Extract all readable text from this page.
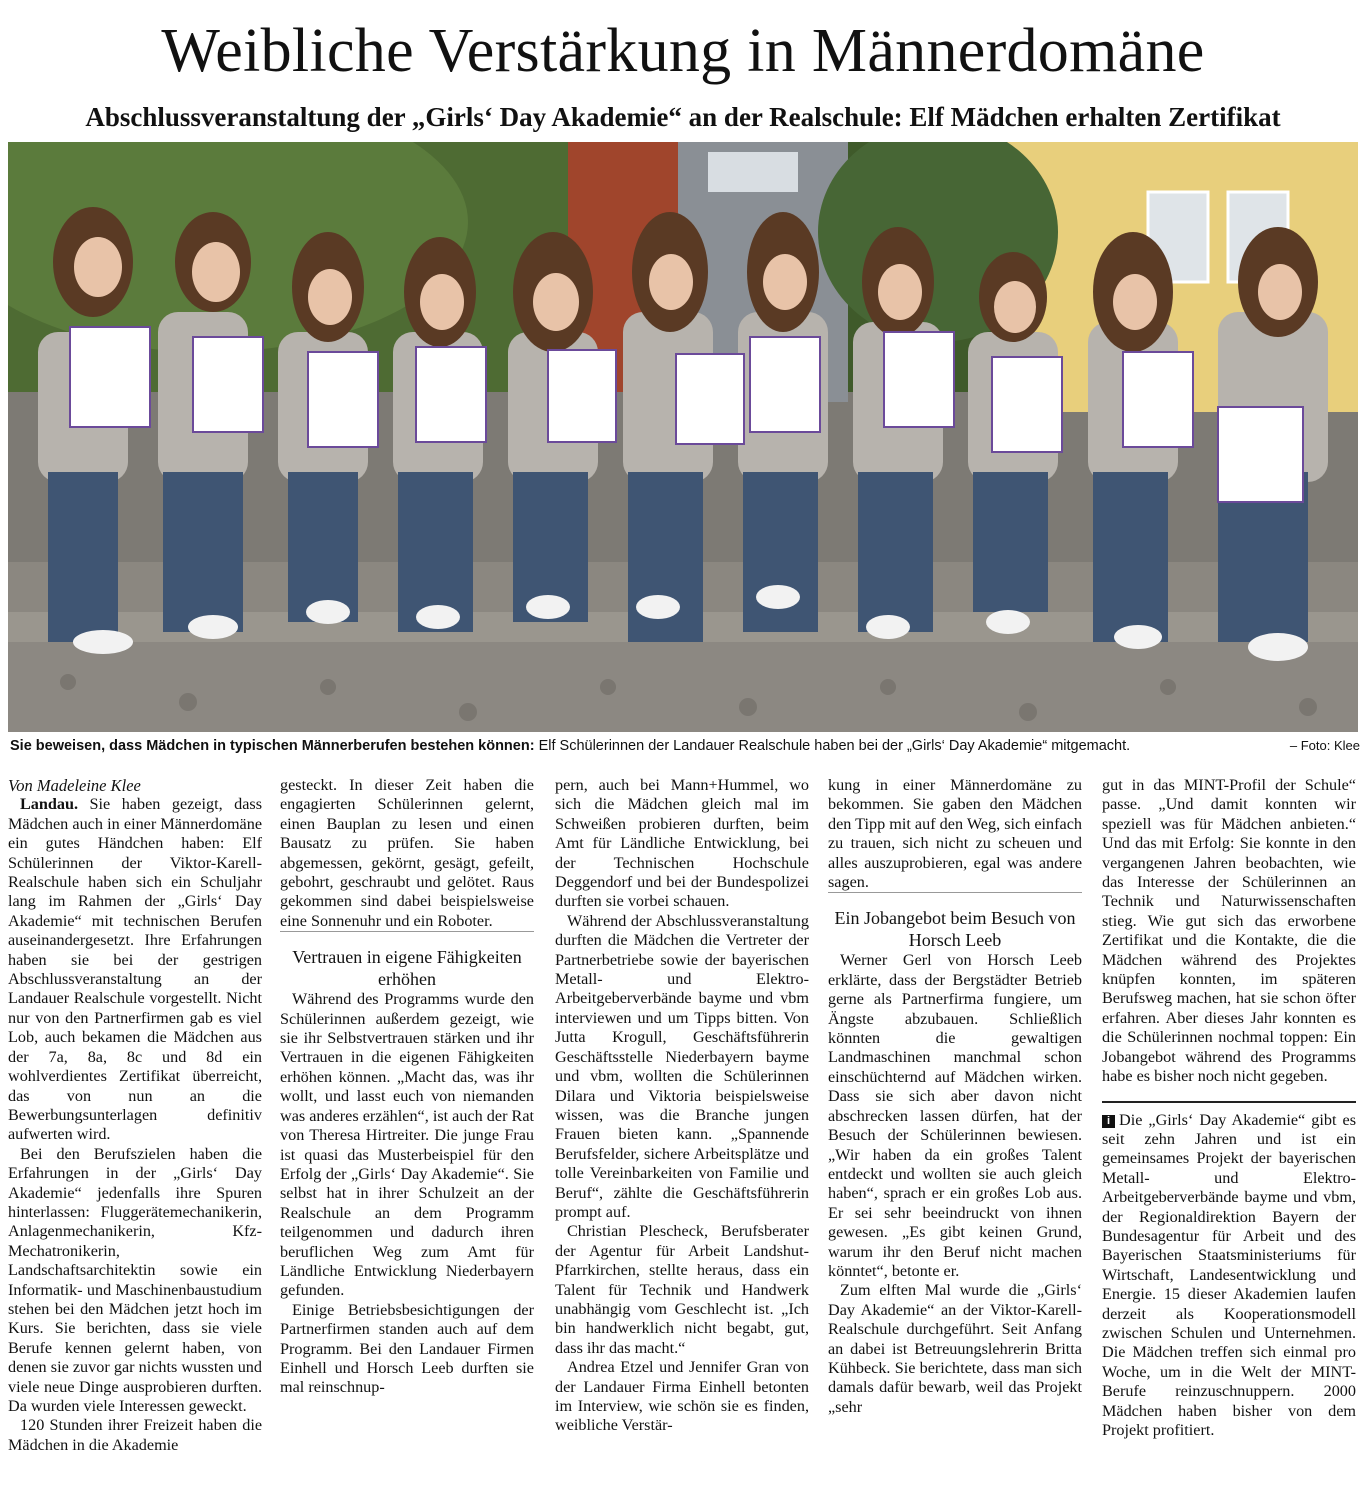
Weibliche Verstärkung in Männerdomäne
Abschlussveranstaltung der „Girls‘ Day Akademie“ an der Realschule: Elf Mädchen erhalten Zertifikat
Sie beweisen, dass Mädchen in typischen Männerberufen bestehen können: Elf Schülerinnen der Landauer Realschule haben bei der „Girls‘ Day Akademie“ mitgemacht.	– Foto: Klee

Von Madeleine Klee

Landau. Sie haben gezeigt, dass Mädchen auch in einer Männerdomäne ein gutes Händchen haben: Elf Schülerinnen der Viktor-Karell-Realschule haben sich ein Schuljahr lang im Rahmen der „Girls‘ Day Akademie“ mit technischen Berufen auseinandergesetzt. Ihre Erfahrungen haben sie bei der gestrigen Abschlussveranstaltung an der Landauer Realschule vorgestellt. Nicht nur von den Partnerfirmen gab es viel Lob, auch bekamen die Mädchen aus der 7a, 8a, 8c und 8d ein wohlverdientes Zertifikat überreicht, das von nun an die Bewerbungsunterlagen definitiv aufwerten wird.

Bei den Berufszielen haben die Erfahrungen in der „Girls‘ Day Akademie“ jedenfalls ihre Spuren hinterlassen: Fluggerätemechanikerin, Anlagenmechanikerin, Kfz-Mechatronikerin, Landschaftsarchitektin sowie ein Informatik- und Maschinenbaustudium stehen bei den Mädchen jetzt hoch im Kurs. Sie berichten, dass sie viele Berufe kennen gelernt haben, von denen sie zuvor gar nichts wussten und viele neue Dinge ausprobieren durften. Da wurden viele Interessen geweckt.

120 Stunden ihrer Freizeit haben die Mädchen in die Akademie

gesteckt. In dieser Zeit haben die engagierten Schülerinnen gelernt, einen Bauplan zu lesen und einen Bausatz zu prüfen. Sie haben abgemessen, gekörnt, gesägt, gefeilt, gebohrt, geschraubt und gelötet. Raus gekommen sind dabei beispielsweise eine Sonnenuhr und ein Roboter.

Vertrauen in eigene Fähigkeiten erhöhen

Während des Programms wurde den Schülerinnen außerdem gezeigt, wie sie ihr Selbstvertrauen stärken und ihr Vertrauen in die eigenen Fähigkeiten erhöhen können. „Macht das, was ihr wollt, und lasst euch von niemanden was anderes erzählen“, ist auch der Rat von Theresa Hirtreiter. Die junge Frau ist quasi das Musterbeispiel für den Erfolg der „Girls‘ Day Akademie“. Sie selbst hat in ihrer Schulzeit an der Realschule an dem Programm teilgenommen und dadurch ihren beruflichen Weg zum Amt für Ländliche Entwicklung Niederbayern gefunden.

Einige Betriebsbesichtigungen der Partnerfirmen standen auch auf dem Programm. Bei den Landauer Firmen Einhell und Horsch Leeb durften sie mal reinschnup-

pern, auch bei Mann+Hummel, wo sich die Mädchen gleich mal im Schweißen probieren durften, beim Amt für Ländliche Entwicklung, bei der Technischen Hochschule Deggendorf und bei der Bundespolizei durften sie vorbei schauen.

Während der Abschlussveranstaltung durften die Mädchen die Vertreter der Partnerbetriebe sowie der bayerischen Metall- und Elektro-Arbeitgeberverbände bayme und vbm interviewen und um Tipps bitten. Von Jutta Krogull, Geschäftsführerin Geschäftsstelle Niederbayern bayme und vbm, wollten die Schülerinnen Dilara und Viktoria beispielsweise wissen, was die Branche jungen Frauen bieten kann. „Spannende Berufsfelder, sichere Arbeitsplätze und tolle Vereinbarkeiten von Familie und Beruf“, zählte die Geschäftsführerin prompt auf.

Christian Pleschеck, Berufsberater der Agentur für Arbeit Landshut-Pfarrkirchen, stellte heraus, dass ein Talent für Technik und Handwerk unabhängig vom Geschlecht ist. „Ich bin handwerklich nicht begabt, gut, dass ihr das macht.“

Andrea Etzel und Jennifer Gran von der Landauer Firma Einhell betonten im Interview, wie schön sie es finden, weibliche Verstär-

kung in einer Männerdomäne zu bekommen. Sie gaben den Mädchen den Tipp mit auf den Weg, sich einfach zu trauen, sich nicht zu scheuen und alles auszuprobieren, egal was andere sagen.

Ein Jobangebot beim Besuch von Horsch Leeb

Werner Gerl von Horsch Leeb erklärte, dass der Bergstädter Betrieb gerne als Partnerfirma fungiere, um Ängste abzubauen. Schließlich könnten die gewaltigen Landmaschinen manchmal schon einschüchternd auf Mädchen wirken. Dass sie sich aber davon nicht abschrecken lassen dürfen, hat der Besuch der Schülerinnen bewiesen. „Wir haben da ein großes Talent entdeckt und wollten sie auch gleich haben“, sprach er ein großes Lob aus. Er sei sehr beeindruckt von ihnen gewesen. „Es gibt keinen Grund, warum ihr den Beruf nicht machen könntet“, betonte er.

Zum elften Mal wurde die „Girls‘ Day Akademie“ an der Viktor-Karell-Realschule durchgeführt. Seit Anfang an dabei ist Betreuungslehrerin Britta Kühbeck. Sie berichtete, dass man sich damals dafür bewarb, weil das Projekt „sehr

gut in das MINT-Profil der Schule“ passe. „Und damit konnten wir speziell was für Mädchen anbieten.“ Und das mit Erfolg: Sie konnte in den vergangenen Jahren beobachten, wie das Interesse der Schülerinnen an Technik und Naturwissenschaften stieg. Wie gut sich das erworbene Zertifikat und die Kontakte, die die Mädchen während des Projektes knüpfen konnten, im späteren Berufsweg machen, hat sie schon öfter erfahren. Aber dieses Jahr konnten es die Schülerinnen nochmal toppen: Ein Jobangebot während des Programms habe es bisher noch nicht gegeben.

i Die „Girls‘ Day Akademie“ gibt es seit zehn Jahren und ist ein gemeinsames Projekt der bayerischen Metall- und Elektro-Arbeitgeberverbände bayme und vbm, der Regionaldirektion Bayern der Bundesagentur für Arbeit und des Bayerischen Staatsministeriums für Wirtschaft, Landesentwicklung und Energie. 15 dieser Akademien laufen derzeit als Kooperationsmodell zwischen Schulen und Unternehmen. Die Mädchen treffen sich einmal pro Woche, um in die Welt der MINT-Berufe reinzuschnuppern. 2000 Mädchen haben bisher von dem Projekt profitiert.
